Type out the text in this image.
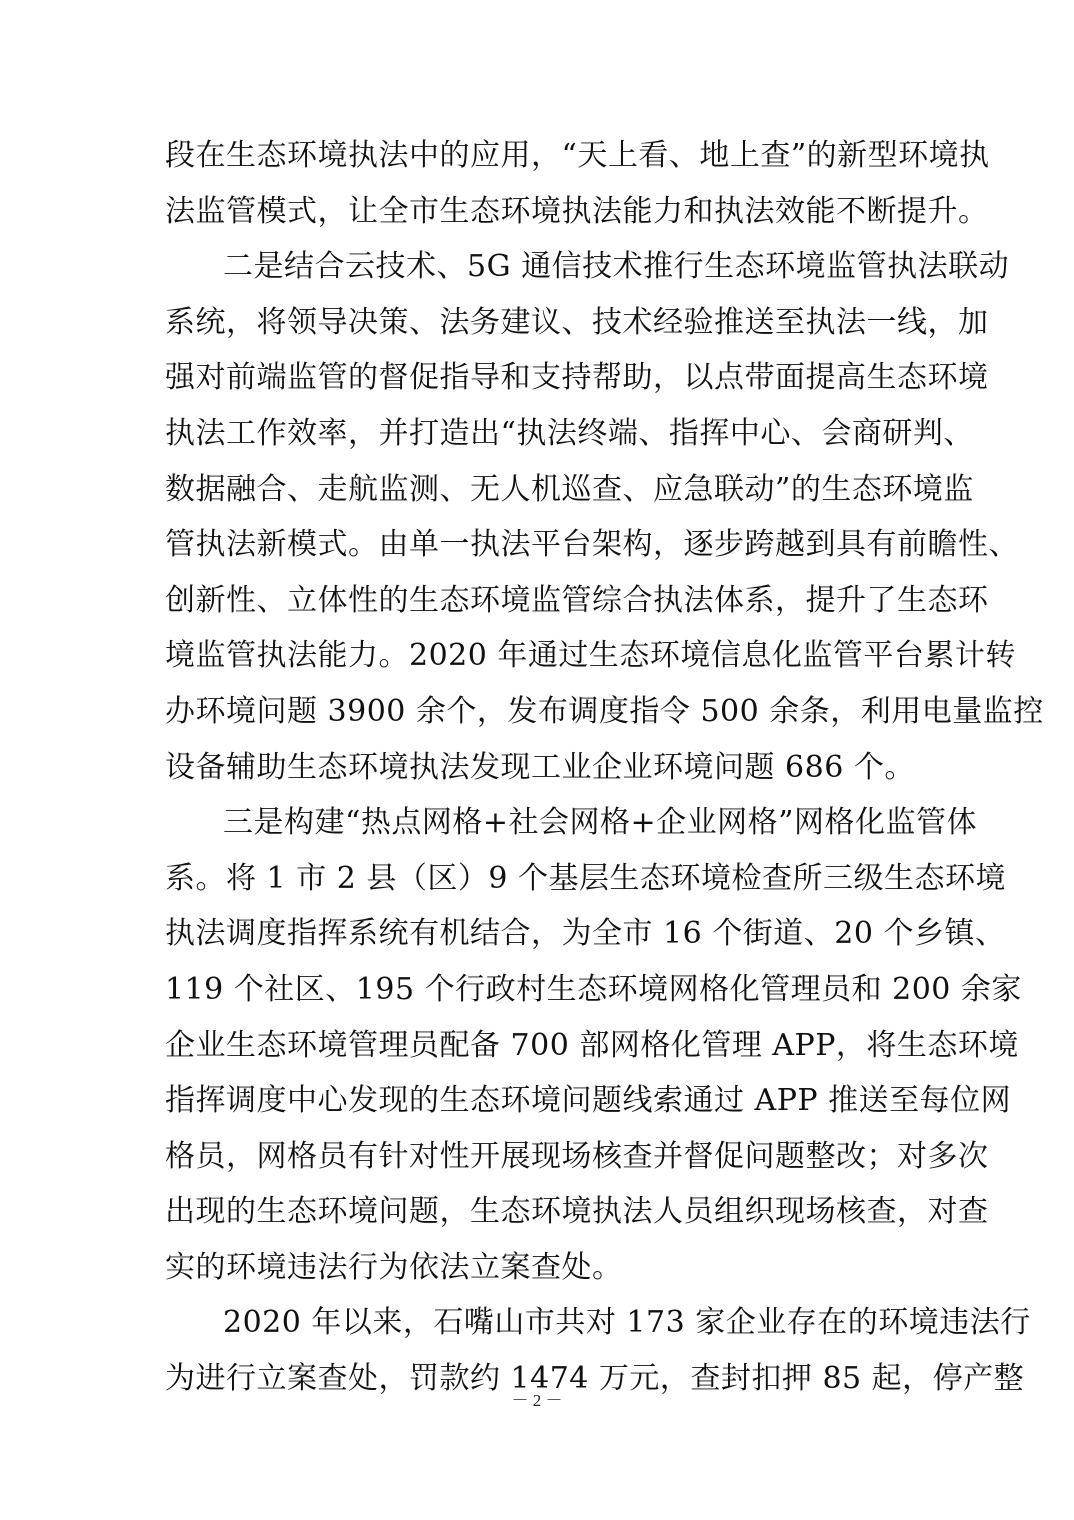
段在生态环境执法中的应用，“天上看、地上查”的新型环境执
法监管模式，让全市生态环境执法能力和执法效能不断提升。
二是结合云技术、5G 通信技术推行生态环境监管执法联动
系统，将领导决策、法务建议、技术经验推送至执法一线，加
强对前端监管的督促指导和支持帮助，以点带面提高生态环境
执法工作效率，并打造出“执法终端、指挥中心、会商研判、
数据融合、走航监测、无人机巡查、应急联动”的生态环境监
管执法新模式。由单一执法平台架构，逐步跨越到具有前瞻性、
创新性、立体性的生态环境监管综合执法体系，提升了生态环
境监管执法能力。2020 年通过生态环境信息化监管平台累计转
办环境问题 3900 余个，发布调度指令 500 余条，利用电量监控
设备辅助生态环境执法发现工业企业环境问题 686 个。
三是构建“热点网格+社会网格+企业网格”网格化监管体
系。将 1 市 2 县（区）9 个基层生态环境检查所三级生态环境
执法调度指挥系统有机结合，为全市 16 个街道、20 个乡镇、
119 个社区、195 个行政村生态环境网格化管理员和 200 余家
企业生态环境管理员配备 700 部网格化管理 APP，将生态环境
指挥调度中心发现的生态环境问题线索通过 APP 推送至每位网
格员，网格员有针对性开展现场核查并督促问题整改；对多次
出现的生态环境问题，生态环境执法人员组织现场核查，对查
实的环境违法行为依法立案查处。
2020 年以来，石嘴山市共对 173 家企业存在的环境违法行
为进行立案查处，罚款约 1474 万元，查封扣押 85 起，停产整
－ 2 －
